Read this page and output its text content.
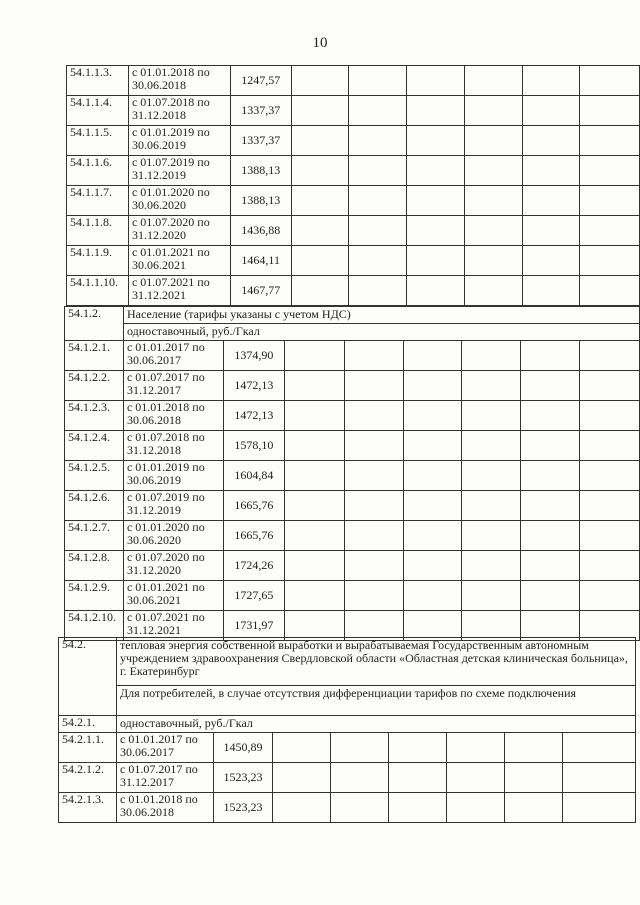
10
54.1.1.3.	с 01.01.2018 по 30.06.2018	1247,57						
54.1.1.4.	с 01.07.2018 по 31.12.2018	1337,37						
54.1.1.5.	с 01.01.2019 по 30.06.2019	1337,37						
54.1.1.6.	с 01.07.2019 по 31.12.2019	1388,13						
54.1.1.7.	с 01.01.2020 по 30.06.2020	1388,13						
54.1.1.8.	с 01.07.2020 по 31.12.2020	1436,88						
54.1.1.9.	с 01.01.2021 по 30.06.2021	1464,11						
54.1.1.10.	с 01.07.2021 по 31.12.2021	1467,77						
54.1.2.	Население (тарифы указаны с учетом НДС)							
	одноставочный, руб./Гкал							
54.1.2.1.	с 01.01.2017 по 30.06.2017	1374,90						
54.1.2.2.	с 01.07.2017 по 31.12.2017	1472,13						
54.1.2.3.	с 01.01.2018 по 30.06.2018	1472,13						
54.1.2.4.	с 01.07.2018 по 31.12.2018	1578,10						
54.1.2.5.	с 01.01.2019 по 30.06.2019	1604,84						
54.1.2.6.	с 01.07.2019 по 31.12.2019	1665,76						
54.1.2.7.	с 01.01.2020 по 30.06.2020	1665,76						
54.1.2.8.	с 01.07.2020 по 31.12.2020	1724,26						
54.1.2.9.	с 01.01.2021 по 30.06.2021	1727,65						
54.1.2.10.	с 01.07.2021 по 31.12.2021	1731,97						
54.2.	тепловая энергия собственной выработки и вырабатываемая Государственным автономным учреждением здравоохранения Свердловской области «Областная детская клиническая больница», г. Екатеринбург							
	Для потребителей, в случае отсутствия дифференциации тарифов по схеме подключения							
54.2.1.	одноставочный, руб./Гкал							
54.2.1.1.	с 01.01.2017 по 30.06.2017	1450,89						
54.2.1.2.	с 01.07.2017 по 31.12.2017	1523,23						
54.2.1.3.	с 01.01.2018 по 30.06.2018	1523,23						
